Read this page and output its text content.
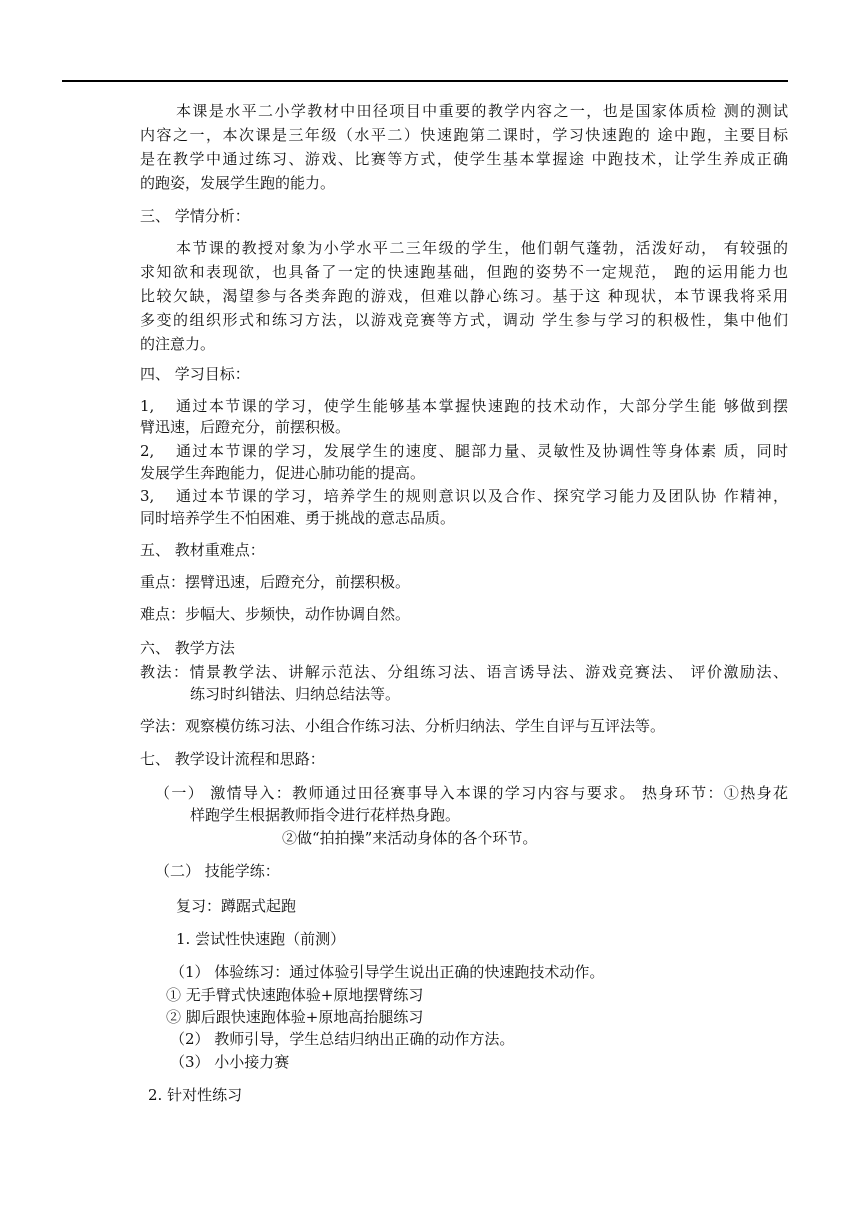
本课是水平二小学教材中田径项目中重要的教学内容之一，也是国家体质检 测的测试
内容之一，本次课是三年级（水平二）快速跑第二课时，学习快速跑的 途中跑，主要目标
是在教学中通过练习、游戏、比赛等方式，使学生基本掌握途 中跑技术，让学生养成正确
的跑姿，发展学生跑的能力。
三、 学情分析：
本节课的教授对象为小学水平二三年级的学生，他们朝气蓬勃，活泼好动， 有较强的
求知欲和表现欲，也具备了一定的快速跑基础，但跑的姿势不一定规范， 跑的运用能力也
比较欠缺，渴望参与各类奔跑的游戏，但难以静心练习。基于这 种现状，本节课我将采用
多变的组织形式和练习方法，以游戏竞赛等方式，调动 学生参与学习的积极性，集中他们
的注意力。
四、 学习目标：
1, 通过本节课的学习，使学生能够基本掌握快速跑的技术动作，大部分学生能 够做到摆
臂迅速，后蹬充分，前摆积极。
2, 通过本节课的学习，发展学生的速度、腿部力量、灵敏性及协调性等身体素 质，同时
发展学生奔跑能力，促进心肺功能的提高。
3, 通过本节课的学习，培养学生的规则意识以及合作、探究学习能力及团队协 作精神，
同时培养学生不怕困难、勇于挑战的意志品质。
五、 教材重难点：
重点：摆臂迅速，后蹬充分，前摆积极。
难点：步幅大、步频快，动作协调自然。
六、 教学方法
教法：情景教学法、讲解示范法、分组练习法、语言诱导法、游戏竞赛法、 评价激励法、
练习时纠错法、归纳总结法等。
学法：观察模仿练习法、小组合作练习法、分析归纳法、学生自评与互评法等。
七、 教学设计流程和思路：
（一） 激情导入：教师通过田径赛事导入本课的学习内容与要求。 热身环节：①热身花
样跑学生根据教师指令进行花样热身跑。
②做“拍拍操”来活动身体的各个环节。
（二） 技能学练：
复习：蹲踞式起跑
1. 尝试性快速跑（前测）
（1） 体验练习：通过体验引导学生说出正确的快速跑技术动作。
① 无手臂式快速跑体验+原地摆臂练习
② 脚后跟快速跑体验+原地高抬腿练习
（2） 教师引导，学生总结归纳出正确的动作方法。
（3） 小小接力赛
2. 针对性练习
